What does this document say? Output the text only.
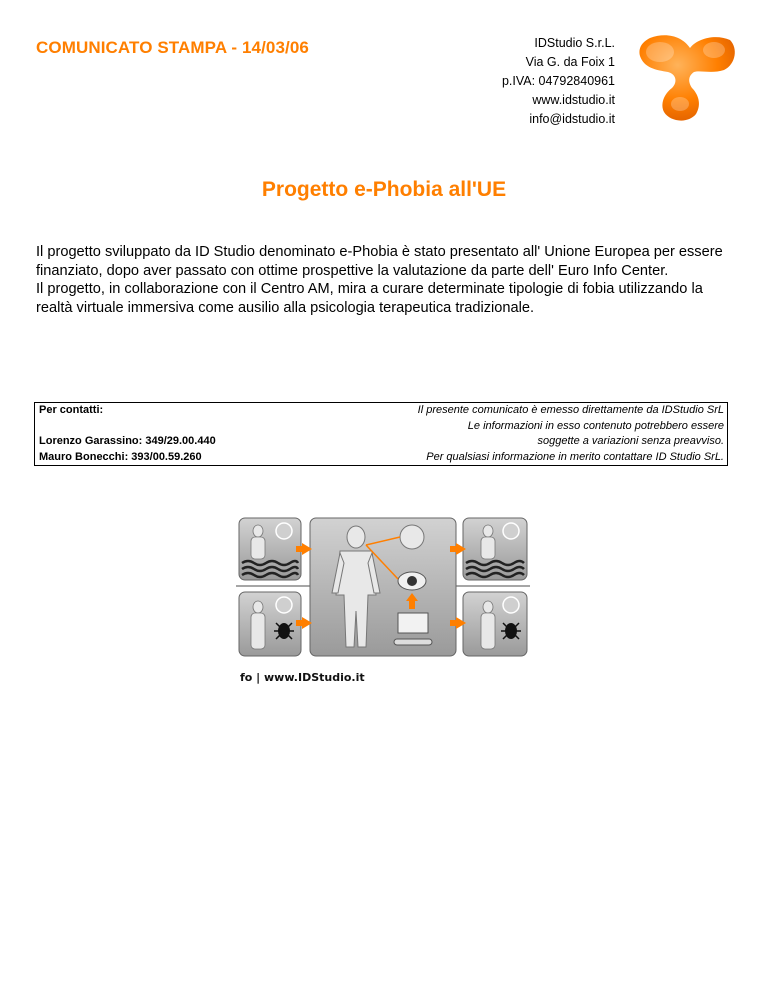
COMUNICATO STAMPA - 14/03/06	IDStudio S.r.L.
Via G. da Foix 1
p.IVA: 04792840961
www.idstudio.it
info@idstudio.it
Progetto e-Phobia all'UE

Il progetto sviluppato da ID Studio denominato e-Phobia è stato presentato all' Unione Europea per essere finanziato, dopo aver passato con ottime prospettive la valutazione da parte dell' Euro Info Center.

Il progetto, in collaborazione con il Centro AM, mira a curare determinate tipologie di fobia utilizzando la realtà virtuale immersiva come ausilio alla psicologia terapeutica tradizionale.

Per contatti:
Lorenzo Garassino: 349/29.00.440
Mauro Bonecchi: 393/00.59.260
Il presente comunicato è emesso direttamente da IDStudio SrL
Le informazioni in esso contenuto potrebbero essere
soggette a variazioni senza preavviso.
Per qualsiasi informazione in merito contattare ID Studio SrL.
fo | www.IDStudio.it
